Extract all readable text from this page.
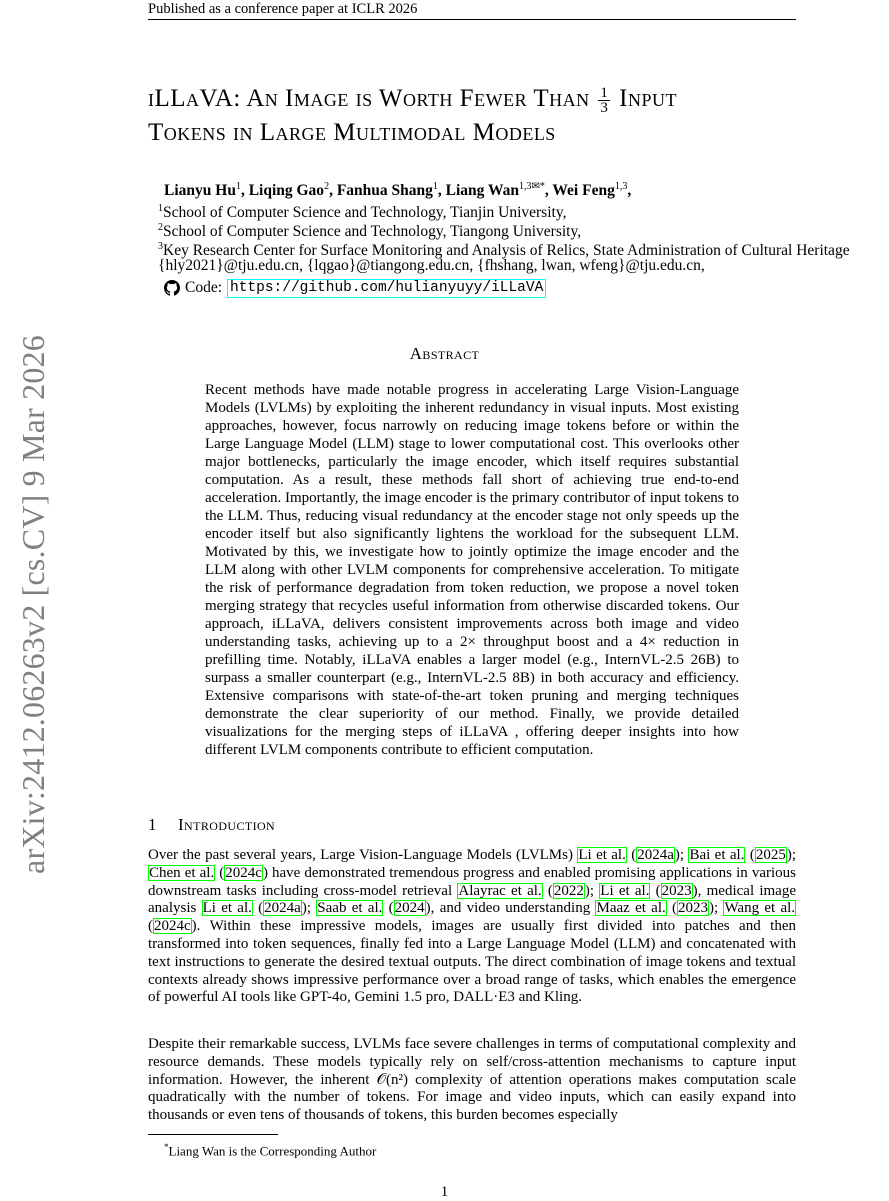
Published as a conference paper at ICLR 2026
arXiv:2412.06263v2 [cs.CV] 9 Mar 2026
iLLaVA: An Image is Worth Fewer Than $\frac{1}{3}$ Input
Tokens in Large Multimodal Models
Lianyu Hu$^1$, Liqing Gao$^2$, Fanhua Shang$^1$, Liang Wan$^{1,3✉*}$, Wei Feng$^{1,3}$,
$^1$School of Computer Science and Technology, Tianjin University,
$^2$School of Computer Science and Technology, Tiangong University,
$^3$Key Research Center for Surface Monitoring and Analysis of Relics, State Administration of Cultural Heritage
{hly2021}@tju.edu.cn, {lqgao}@tiangong.edu.cn, {fhshang, lwan, wfeng}@tju.edu.cn,
Code: https://github.com/hulianyuyy/iLLaVA
Abstract
Recent methods have made notable progress in accelerating Large Vision-Language Models (LVLMs) by exploiting the inherent redundancy in visual inputs. Most existing approaches, however, focus narrowly on reducing image tokens before or within the Large Language Model (LLM) stage to lower computational cost. This overlooks other major bottlenecks, particularly the image encoder, which itself requires substantial computation. As a result, these methods fall short of achieving true end-to-end acceleration. Importantly, the image encoder is the primary contributor of input tokens to the LLM. Thus, reducing visual redundancy at the encoder stage not only speeds up the encoder itself but also significantly lightens the workload for the subsequent LLM. Motivated by this, we investigate how to jointly optimize the image encoder and the LLM along with other LVLM components for comprehensive acceleration. To mitigate the risk of performance degradation from token reduction, we propose a novel token merging strategy that recycles useful information from otherwise discarded tokens. Our approach, iLLaVA, delivers consistent improvements across both image and video understanding tasks, achieving up to a 2× throughput boost and a 4× reduction in prefilling time. Notably, iLLaVA enables a larger model (e.g., InternVL-2.5 26B) to surpass a smaller counterpart (e.g., InternVL-2.5 8B) in both accuracy and efficiency. Extensive comparisons with state-of-the-art token pruning and merging techniques demonstrate the clear superiority of our method. Finally, we provide detailed visualizations for the merging steps of iLLaVA , offering deeper insights into how different LVLM components contribute to efficient computation.
1 Introduction
Over the past several years, Large Vision-Language Models (LVLMs) Li et al. (2024a); Bai et al. (2025); Chen et al. (2024c) have demonstrated tremendous progress and enabled promising applications in various downstream tasks including cross-model retrieval Alayrac et al. (2022); Li et al. (2023), medical image analysis Li et al. (2024a); Saab et al. (2024), and video understanding Maaz et al. (2023); Wang et al. (2024c). Within these impressive models, images are usually first divided into patches and then transformed into token sequences, finally fed into a Large Language Model (LLM) and concatenated with text instructions to generate the desired textual outputs. The direct combination of image tokens and textual contexts already shows impressive performance over a broad range of tasks, which enables the emergence of powerful AI tools like GPT-4o, Gemini 1.5 pro, DALL·E3 and Kling.
Despite their remarkable success, LVLMs face severe challenges in terms of computational complexity and resource demands. These models typically rely on self/cross-attention mechanisms to capture input information. However, the inherent 𝒪(n²) complexity of attention operations makes computation scale quadratically with the number of tokens. For image and video inputs, which can easily expand into thousands or even tens of thousands of tokens, this burden becomes especially
*Liang Wan is the Corresponding Author
1
